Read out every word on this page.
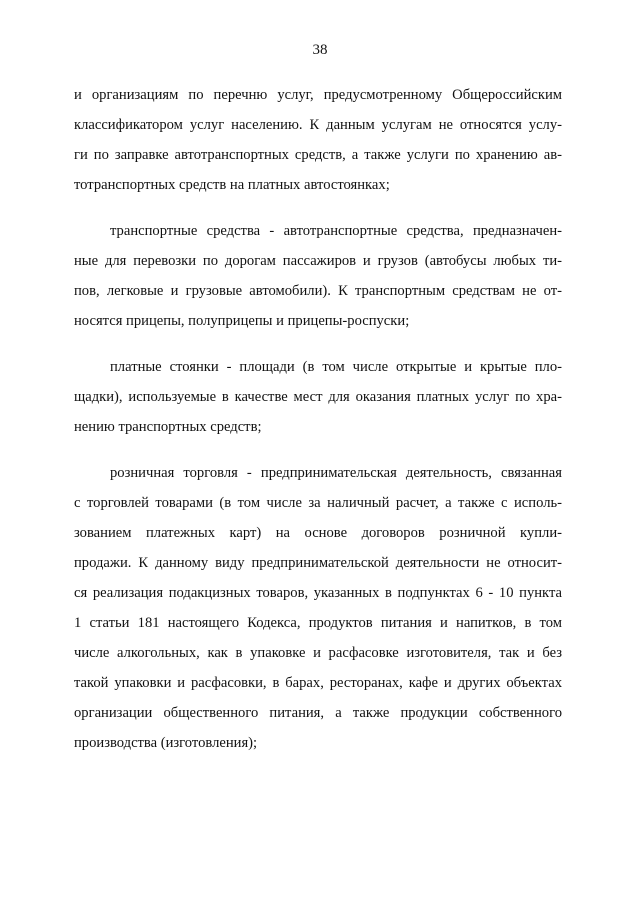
38
и организациям по перечню услуг, предусмотренному Общероссийским
классификатором услуг населению. К данным услугам не относятся услу-
ги по заправке автотранспортных средств, а также услуги по хранению ав-
тотранспортных средств на платных автостоянках;
транспортные средства - автотранспортные средства, предназначен-
ные для перевозки по дорогам пассажиров и грузов (автобусы любых ти-
пов, легковые и грузовые автомобили). К транспортным средствам не от-
носятся прицепы, полуприцепы и прицепы-роспуски;
платные стоянки - площади (в том числе открытые и крытые пло-
щадки), используемые в качестве мест для оказания платных услуг по хра-
нению транспортных средств;
розничная торговля - предпринимательская деятельность, связанная
с торговлей товарами (в том числе за наличный расчет, а также с исполь-
зованием платежных карт) на основе договоров розничной купли-
продажи. К данному виду предпринимательской деятельности не относит-
ся реализация подакцизных товаров, указанных в подпунктах 6 - 10 пункта
1 статьи 181 настоящего Кодекса, продуктов питания и напитков, в том
числе алкогольных, как в упаковке и расфасовке изготовителя, так и без
такой упаковки и расфасовки, в барах, ресторанах, кафе и других объектах
организации общественного питания, а также продукции собственного
производства (изготовления);
